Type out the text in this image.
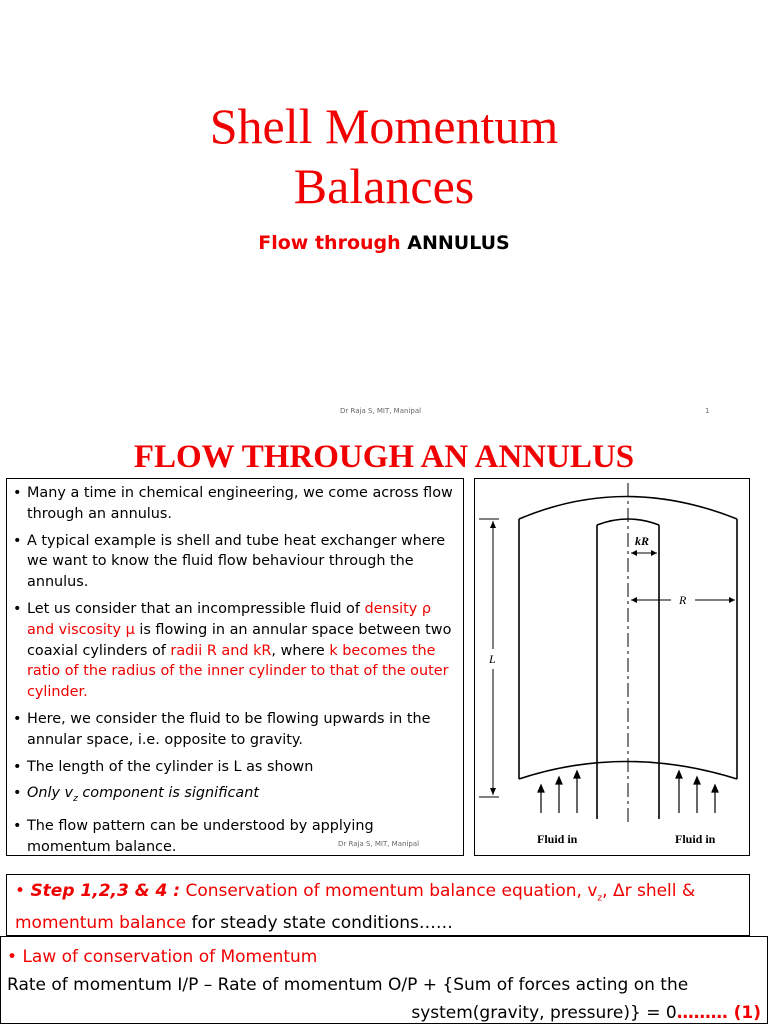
Shell Momentum
Balances
Flow through ANNULUS
Dr Raja S, MIT, Manipal	1
FLOW THROUGH AN ANNULUS
• Many a time in chemical engineering, we come across flow through an annulus.
• A typical example is shell and tube heat exchanger where we want to know the fluid flow behaviour through the annulus.
• Let us consider that an incompressible fluid of density ρ and viscosity μ is flowing in an annular space between two coaxial cylinders of radii R and kR, where k becomes the ratio of the radius of the inner cylinder to that of the outer cylinder.
• Here, we consider the fluid to be flowing upwards in the annular space, i.e. opposite to gravity.
• The length of the cylinder is L as shown
• Only $v_z$ component is significant
• The flow pattern can be understood by applying momentum balance.	Dr Raja S, MIT, Manipal
kR
R
L
Fluid in	Fluid in
• Step 1,2,3 & 4 : Conservation of momentum balance equation, $v_z$, Δr shell & momentum balance for steady state conditions……
• Law of conservation of Momentum
Rate of momentum I/P – Rate of momentum O/P + {Sum of forces acting on the
system(gravity, pressure)} = 0……… (1)
